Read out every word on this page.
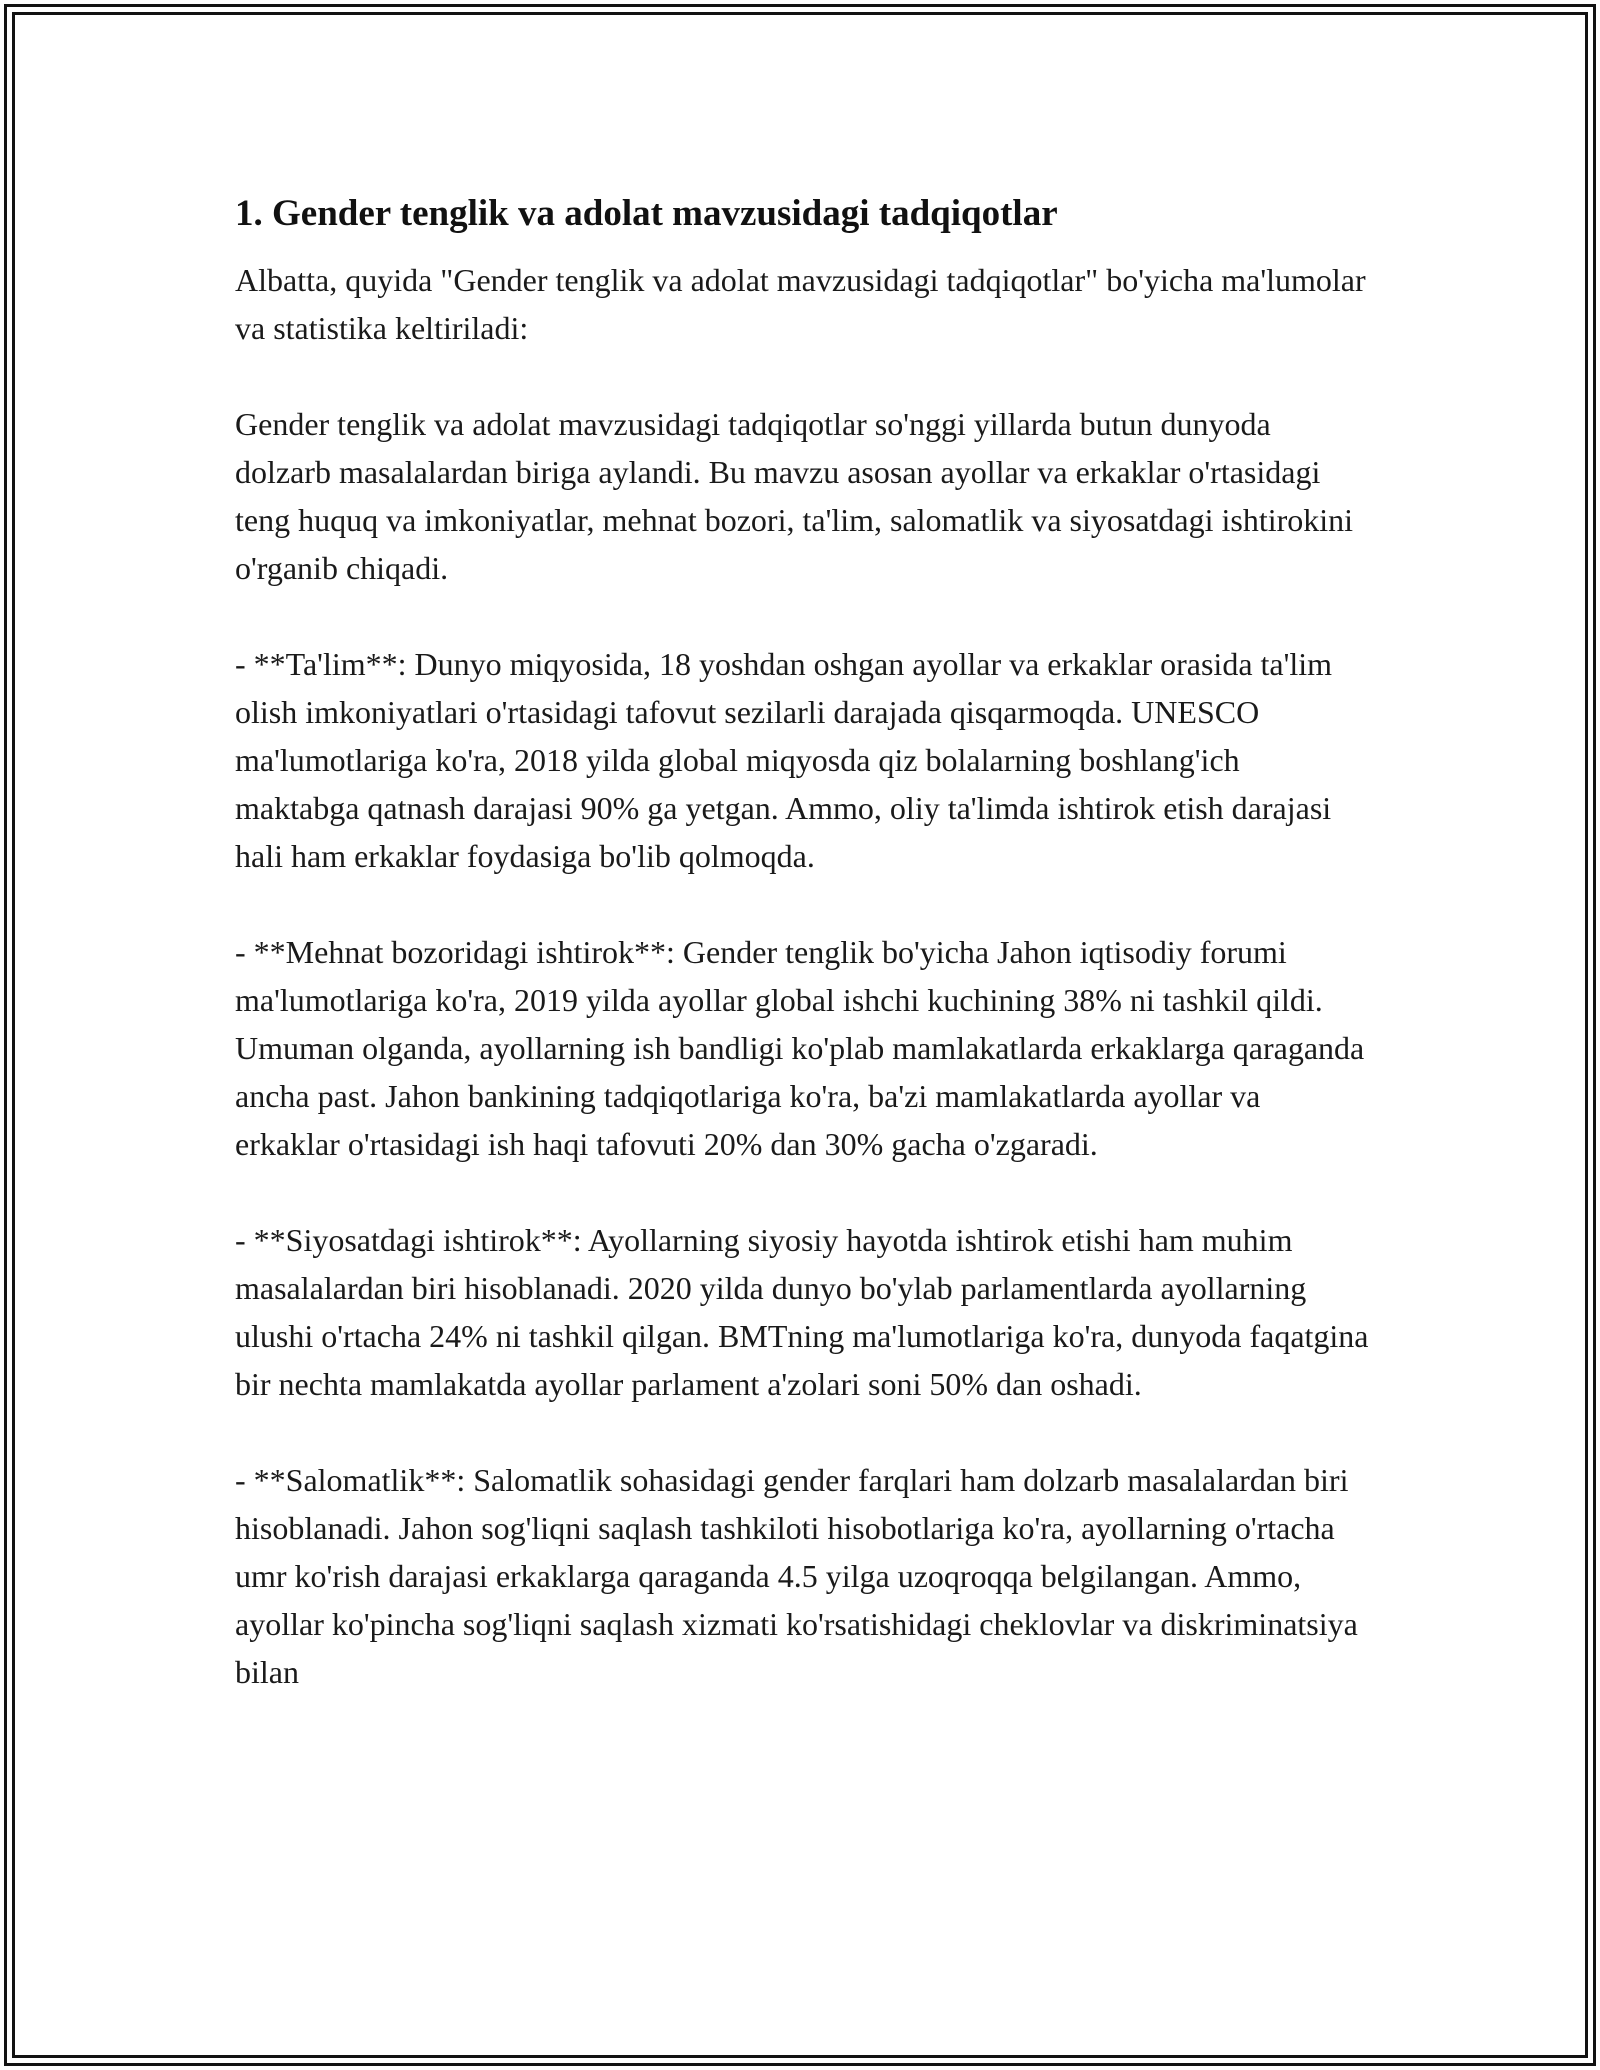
1. Gender tenglik va adolat mavzusidagi tadqiqotlar

Albatta, quyida "Gender tenglik va adolat mavzusidagi tadqiqotlar" bo'yicha ma'lumolar va statistika keltiriladi:

Gender tenglik va adolat mavzusidagi tadqiqotlar so'nggi yillarda butun dunyoda dolzarb masalalardan biriga aylandi. Bu mavzu asosan ayollar va erkaklar o'rtasidagi teng huquq va imkoniyatlar, mehnat bozori, ta'lim, salomatlik va siyosatdagi ishtirokini o'rganib chiqadi.

- **Ta'lim**: Dunyo miqyosida, 18 yoshdan oshgan ayollar va erkaklar orasida ta'lim olish imkoniyatlari o'rtasidagi tafovut sezilarli darajada qisqarmoqda. UNESCO ma'lumotlariga ko'ra, 2018 yilda global miqyosda qiz bolalarning boshlang'ich maktabga qatnash darajasi 90% ga yetgan. Ammo, oliy ta'limda ishtirok etish darajasi hali ham erkaklar foydasiga bo'lib qolmoqda.

- **Mehnat bozoridagi ishtirok**: Gender tenglik bo'yicha Jahon iqtisodiy forumi ma'lumotlariga ko'ra, 2019 yilda ayollar global ishchi kuchining 38% ni tashkil qildi. Umuman olganda, ayollarning ish bandligi ko'plab mamlakatlarda erkaklarga qaraganda ancha past. Jahon bankining tadqiqotlariga ko'ra, ba'zi mamlakatlarda ayollar va erkaklar o'rtasidagi ish haqi tafovuti 20% dan 30% gacha o'zgaradi.

- **Siyosatdagi ishtirok**: Ayollarning siyosiy hayotda ishtirok etishi ham muhim masalalardan biri hisoblanadi. 2020 yilda dunyo bo'ylab parlamentlarda ayollarning ulushi o'rtacha 24% ni tashkil qilgan. BMTning ma'lumotlariga ko'ra, dunyoda faqatgina bir nechta mamlakatda ayollar parlament a'zolari soni 50% dan oshadi.

- **Salomatlik**: Salomatlik sohasidagi gender farqlari ham dolzarb masalalardan biri hisoblanadi. Jahon sog'liqni saqlash tashkiloti hisobotlariga ko'ra, ayollarning o'rtacha umr ko'rish darajasi erkaklarga qaraganda 4.5 yilga uzoqroqqa belgilangan. Ammo, ayollar ko'pincha sog'liqni saqlash xizmati ko'rsatishidagi cheklovlar va diskriminatsiya bilan
